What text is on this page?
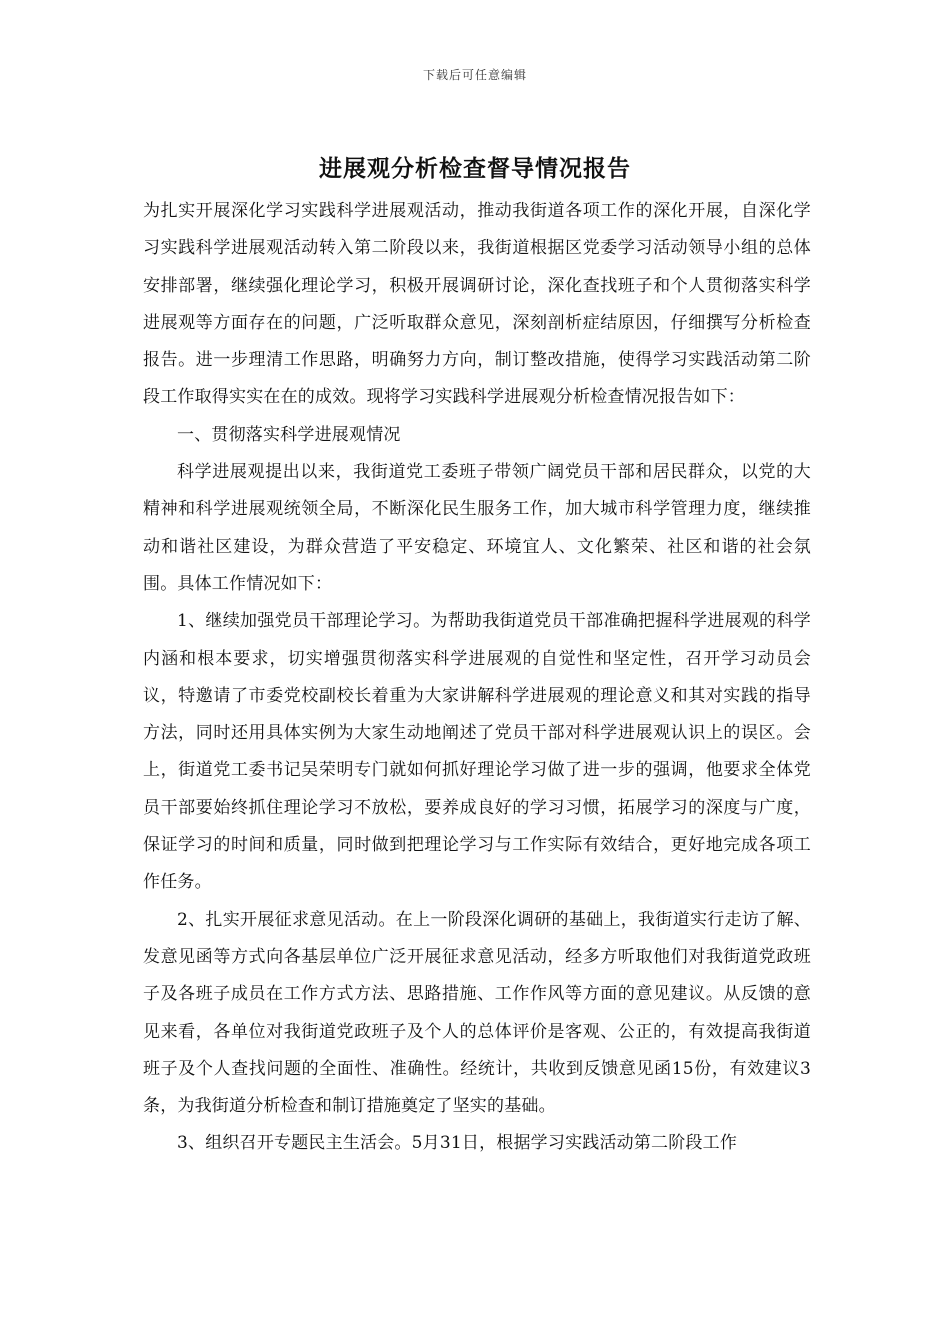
下载后可任意编辑
进展观分析检查督导情况报告

为扎实开展深化学习实践科学进展观活动，推动我街道各项工作的深化开展，自深化学习实践科学进展观活动转入第二阶段以来，我街道根据区党委学习活动领导小组的总体安排部署，继续强化理论学习，积极开展调研讨论，深化查找班子和个人贯彻落实科学进展观等方面存在的问题，广泛听取群众意见，深刻剖析症结原因，仔细撰写分析检查报告。进一步理清工作思路，明确努力方向，制订整改措施，使得学习实践活动第二阶段工作取得实实在在的成效。现将学习实践科学进展观分析检查情况报告如下：

一、贯彻落实科学进展观情况

科学进展观提出以来，我街道党工委班子带领广阔党员干部和居民群众，以党的大精神和科学进展观统领全局，不断深化民生服务工作，加大城市科学管理力度，继续推动和谐社区建设，为群众营造了平安稳定、环境宜人、文化繁荣、社区和谐的社会氛围。具体工作情况如下：

1、继续加强党员干部理论学习。为帮助我街道党员干部准确把握科学进展观的科学内涵和根本要求，切实增强贯彻落实科学进展观的自觉性和坚定性，召开学习动员会议，特邀请了市委党校副校长着重为大家讲解科学进展观的理论意义和其对实践的指导方法，同时还用具体实例为大家生动地阐述了党员干部对科学进展观认识上的误区。会上，街道党工委书记吴荣明专门就如何抓好理论学习做了进一步的强调，他要求全体党员干部要始终抓住理论学习不放松，要养成良好的学习习惯，拓展学习的深度与广度，保证学习的时间和质量，同时做到把理论学习与工作实际有效结合，更好地完成各项工作任务。

2、扎实开展征求意见活动。在上一阶段深化调研的基础上，我街道实行走访了解、发意见函等方式向各基层单位广泛开展征求意见活动，经多方听取他们对我街道党政班子及各班子成员在工作方式方法、思路措施、工作作风等方面的意见建议。从反馈的意见来看，各单位对我街道党政班子及个人的总体评价是客观、公正的，有效提高我街道班子及个人查找问题的全面性、准确性。经统计，共收到反馈意见函15份，有效建议3条，为我街道分析检查和制订措施奠定了坚实的基础。

3、组织召开专题民主生活会。5月31日，根据学习实践活动第二阶段工作
